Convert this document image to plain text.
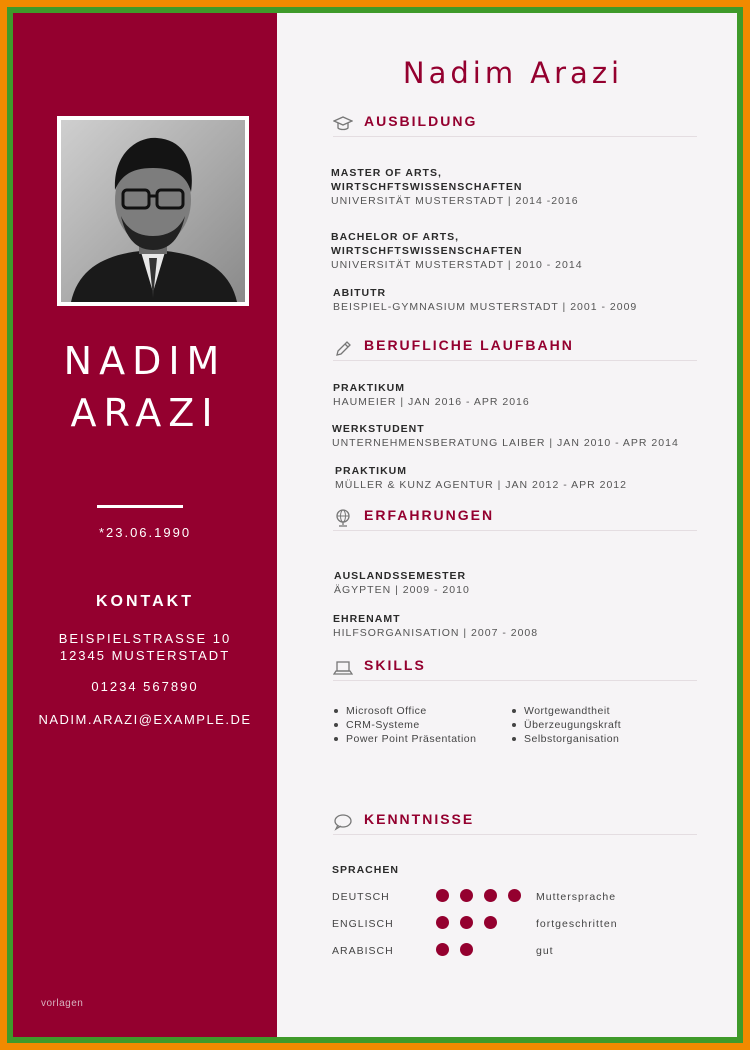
NADIM
ARAZI
*23.06.1990
KONTAKT
BEISPIELSTRASSE 10
12345 MUSTERSTADT
01234 567890
NADIM.ARAZI@EXAMPLE.DE
vorlagen
Nadim Arazi
AUSBILDUNG
MASTER OF ARTS,
WIRTSCHFTSWISSENSCHAFTEN
UNIVERSITÄT MUSTERSTADT | 2014 -2016
BACHELOR OF ARTS,
WIRTSCHFTSWISSENSCHAFTEN
UNIVERSITÄT MUSTERSTADT | 2010 - 2014
ABITUTR
BEISPIEL-GYMNASIUM MUSTERSTADT | 2001 - 2009
BERUFLICHE LAUFBAHN
PRAKTIKUM
HAUMEIER | JAN 2016 - APR 2016
WERKSTUDENT
UNTERNEHMENSBERATUNG LAIBER | JAN 2010 - APR 2014
PRAKTIKUM
MÜLLER & KUNZ AGENTUR | JAN 2012 - APR 2012
ERFAHRUNGEN
AUSLANDSSEMESTER
ÄGYPTEN | 2009 - 2010
EHRENAMT
HILFSORGANISATION | 2007 - 2008
SKILLS
Microsoft Office
CRM-Systeme
Power Point Präsentation
Wortgewandtheit
Überzeugungskraft
Selbstorganisation
KENNTNISSE
SPRACHEN
DEUTSCH	Muttersprache
ENGLISCH	fortgeschritten
ARABISCH	gut
